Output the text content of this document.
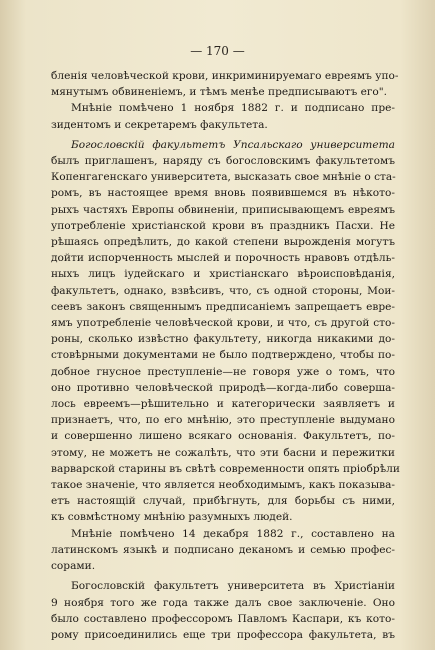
— 170 —
бленія человѣческой крови, инкриминируемаго евреямъ упо-
мянутымъ обвиненіемъ, и тѣмъ менѣе предписываютъ его".
Мнѣніе помѣчено 1 ноября 1882 г. и подписано пре-
зидентомъ и секретаремъ факультета.
Богословскій факультетъ Упсальскаго университета
былъ приглашенъ, наряду съ богословскимъ факультетомъ
Копенгагенскаго университета, высказать свое мнѣніе о ста-
ромъ, въ настоящее время вновь появившемся въ нѣкото-
рыхъ частяхъ Европы обвиненіи, приписывающемъ евреямъ
употребленіе христіанской крови въ праздникъ Пасхи. Не
рѣшаясь опредѣлить, до какой степени вырожденія могутъ
дойти испорченность мыслей и порочность нравовъ отдѣль-
ныхъ лицъ іудейскаго и христіанскаго вѣроисповѣданія,
факультетъ, однако, взвѣсивъ, что, съ одной стороны, Мои-
сеевъ законъ священнымъ предписаніемъ запрещаетъ евре-
ямъ употребленіе человѣческой крови, и что, съ другой сто-
роны, сколько извѣстно факультету, никогда никакими до-
стовѣрными документами не было подтверждено, чтобы по-
добное гнусное преступленіе—не говоря уже о томъ, что
оно противно человѣческой природѣ—когда-либо соверша-
лось евреемъ—рѣшительно и категорически заявляетъ и
признаетъ, что, по его мнѣнію, это преступленіе выдумано
и совершенно лишено всякаго основанія. Факультетъ, по-
этому, не можетъ не сожалѣть, что эти басни и пережитки
варварской старины въ свѣтѣ современности опять пріобрѣли
такое значеніе, что является необходимымъ, какъ показыва-
етъ настоящій случай, прибѣгнуть, для борьбы съ ними,
къ совмѣстному мнѣнію разумныхъ людей.
Мнѣніе помѣчено 14 декабря 1882 г., составлено на
латинскомъ языкѣ и подписано деканомъ и семью профес-
сорами.
Богословскій факультетъ университета въ Христіаніи
9 ноября того же года также далъ свое заключеніе. Оно
было составлено профессоромъ Павломъ Каспари, къ кото-
рому присоединились еще три профессора факультета, въ
